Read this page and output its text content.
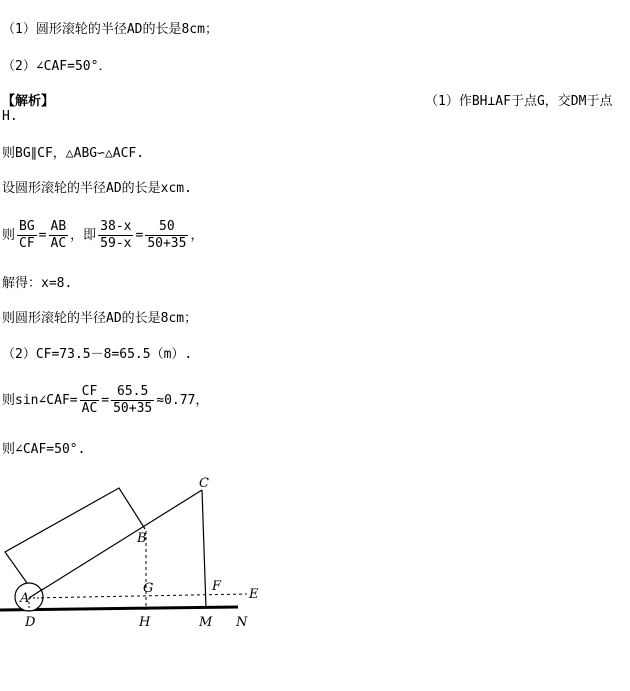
（1）圆形滚轮的半径AD的长是8cm；
（2）∠CAF=50°．
【解析】	（1）作BH⊥AF于点G，交DM于点
H.
则BG∥CF，△ABG∽△ACF.
设圆形滚轮的半径AD的长是xcm.
则 $\frac{BG}{CF} = \frac{AB}{AC}$ ，即 $\frac{38-x}{59-x} = \frac{50}{50+35}$ ，
解得：x=8.
则圆形滚轮的半径AD的长是8cm；
（2）CF=73.5－8=65.5（m）.
则sin∠CAF= $\frac{CF}{AC} = \frac{65.5}{50+35} \approx 0.77$，
则∠CAF=50°.
A
B
C
D
E
F
G
H	M N
